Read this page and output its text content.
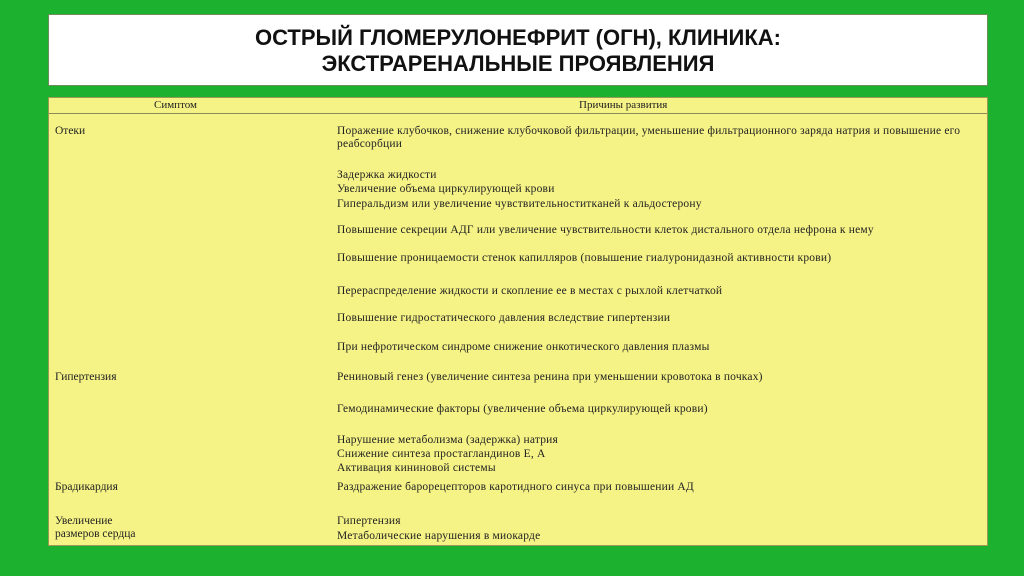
ОСТРЫЙ ГЛОМЕРУЛОНЕФРИТ (ОГН), КЛИНИКА:
ЭКСТРАРЕНАЛЬНЫЕ ПРОЯВЛЕНИЯ
Симптом	Причины развития
Отеки
Гипертензия
Брадикардия
Увеличение
размеров сердца
Поражение клубочков, снижение клубочковой фильтрации, уменьшение фильтрационного заряда натрия и повышение его реабсорбции
Задержка жидкости
Увеличение объема циркулирующей крови
Гиперальдизм или увеличение чувствительноститкaней к альдостерону
Повышение секреции АДГ или увеличение чувствительности клеток дистального отдела нефрона к нему
Повышение проницаемости стенок капилляров (повышение гиалуронидазной активности крови)
Перераспределение жидкости и скопление ее в местах с рыхлой клетчаткой
Повышение гидростатического давления вследствие гипертензии
При нефротическом синдроме снижение онкотического давления плазмы
Рениновый генез (увеличение синтеза ренина при уменьшении кровотока в почках)
Гемодинамические факторы (увеличение объема циркулирующей крови)
Нарушение метаболизма (задержка) натрия
Снижение синтеза простагландинов Е, А
Активация кининовой системы
Раздражение барорецепторов каротидного синуса при повышении АД
Гипертензия
Метаболические нарушения в миокарде
